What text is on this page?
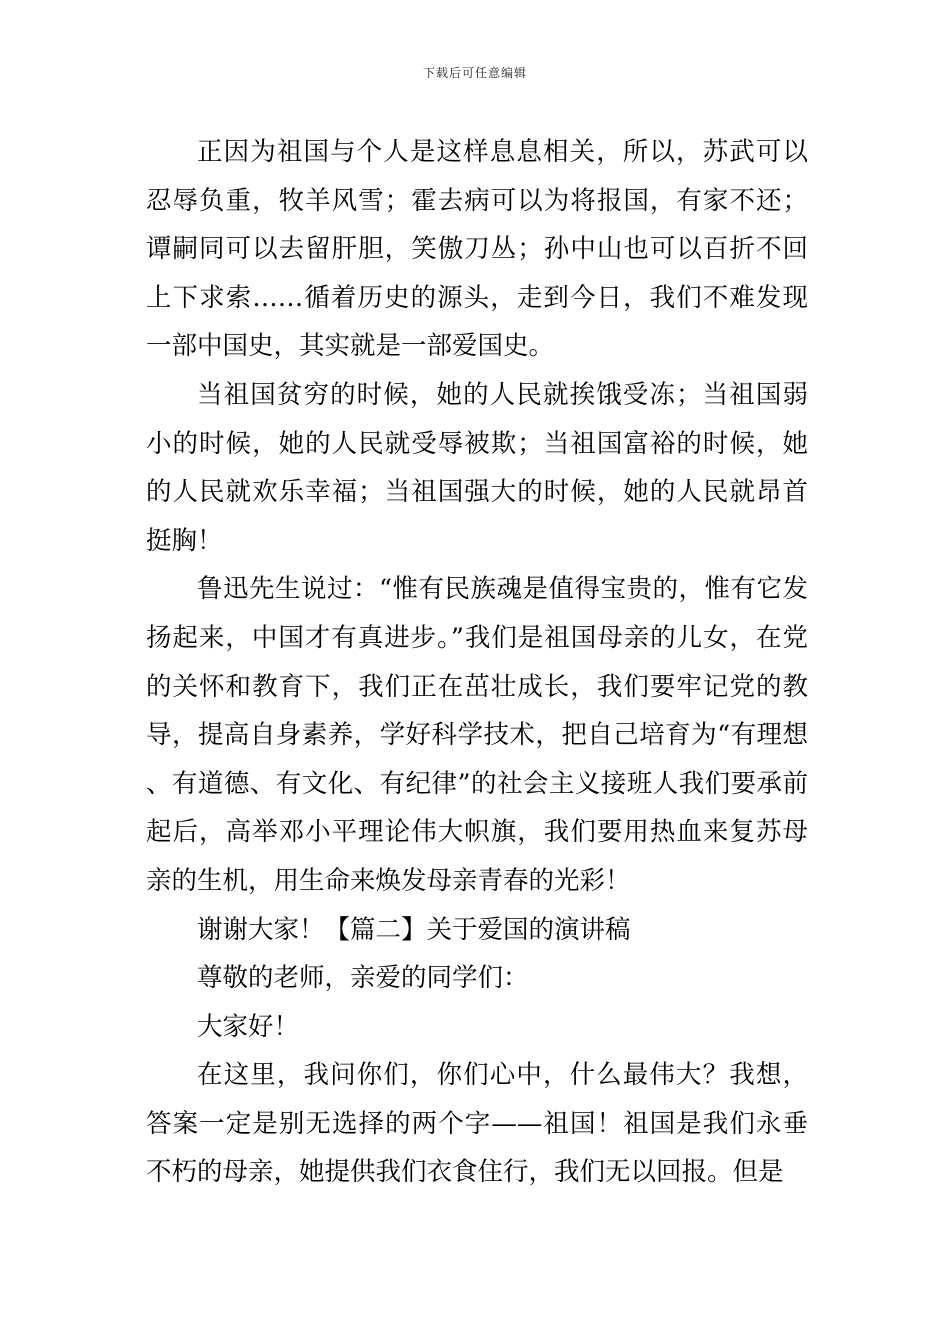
下载后可任意编辑

正因为祖国与个人是这样息息相关，所以，苏武可以忍辱负重，牧羊风雪；霍去病可以为将报国，有家不还；谭嗣同可以去留肝胆，笑傲刀丛；孙中山也可以百折不回上下求索……循着历史的源头，走到今日，我们不难发现一部中国史，其实就是一部爱国史。

当祖国贫穷的时候，她的人民就挨饿受冻；当祖国弱小的时候，她的人民就受辱被欺；当祖国富裕的时候，她的人民就欢乐幸福；当祖国强大的时候，她的人民就昂首挺胸！

鲁迅先生说过：“惟有民族魂是值得宝贵的，惟有它发扬起来，中国才有真进步。”我们是祖国母亲的儿女，在党的关怀和教育下，我们正在茁壮成长，我们要牢记党的教导，提高自身素养，学好科学技术，把自己培育为“有理想、有道德、有文化、有纪律”的社会主义接班人我们要承前起后，高举邓小平理论伟大帜旗，我们要用热血来复苏母亲的生机，用生命来焕发母亲青春的光彩！

谢谢大家！【篇二】关于爱国的演讲稿

尊敬的老师，亲爱的同学们：

大家好！

在这里，我问你们，你们心中，什么最伟大？我想，答案一定是别无选择的两个字——祖国！祖国是我们永垂不朽的母亲，她提供我们衣食住行，我们无以回报。但是
